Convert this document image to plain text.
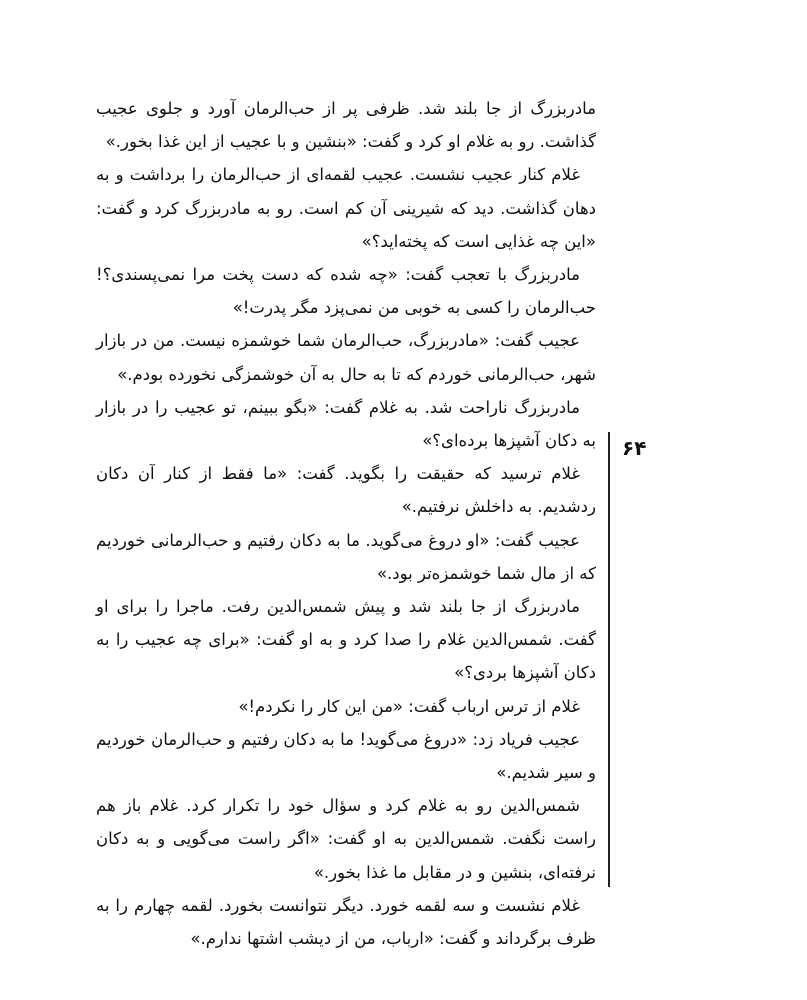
مادربزرگ از جا بلند شد. ظرفی پر از حب‌الرمان آورد و جلوی عجیب گذاشت. رو به غلام او کرد و گفت: «بنشین و با عجیب از این غذا بخور.»

غلام کنار عجیب نشست. عجیب لقمه‌ای از حب‌الرمان را برداشت و به دهان گذاشت. دید که شیرینی آن کم است. رو به مادربزرگ کرد و گفت: «این چه غذایی است که پخته‌اید؟»

مادربزرگ با تعجب گفت: «چه شده که دست پخت مرا نمی‌پسندی؟! حب‌الرمان را کسی به خوبی من نمی‌پزد مگر پدرت!»

عجیب گفت: «مادربزرگ، حب‌الرمان شما خوشمزه نیست. من در بازار شهر، حب‌الرمانی خوردم که تا به حال به آن خوشمزگی نخورده بودم.»

مادربزرگ ناراحت شد. به غلام گفت: «بگو ببینم، تو عجیب را در بازار به دکان آشپزها برده‌ای؟»

غلام ترسید که حقیقت را بگوید. گفت: «ما فقط از کنار آن دکان ردشدیم. به داخلش نرفتیم.»

عجیب گفت: «او دروغ می‌گوید. ما به دکان رفتیم و حب‌الرمانی خوردیم که از مال شما خوشمزه‌تر بود.»

مادربزرگ از جا بلند شد و پیش شمس‌الدین رفت. ماجرا را برای او گفت. شمس‌الدین غلام را صدا کرد و به او گفت: «برای چه عجیب را به دکان آشپزها بردی؟»

غلام از ترس ارباب گفت: «من این کار را نکردم!»

عجیب فریاد زد: «دروغ می‌گوید! ما به دکان رفتیم و حب‌الرمان خوردیم و سیر شدیم.»

شمس‌الدین رو به غلام کرد و سؤال خود را تکرار کرد. غلام باز هم راست نگفت. شمس‌الدین به او گفت: «اگر راست می‌گویی و به دکان نرفته‌ای، بنشین و در مقابل ما غذا بخور.»

غلام نشست و سه لقمه خورد. دیگر نتوانست بخورد. لقمه چهارم را به ظرف برگرداند و گفت: «ارباب، من از دیشب اشتها ندارم.»

۶۴
